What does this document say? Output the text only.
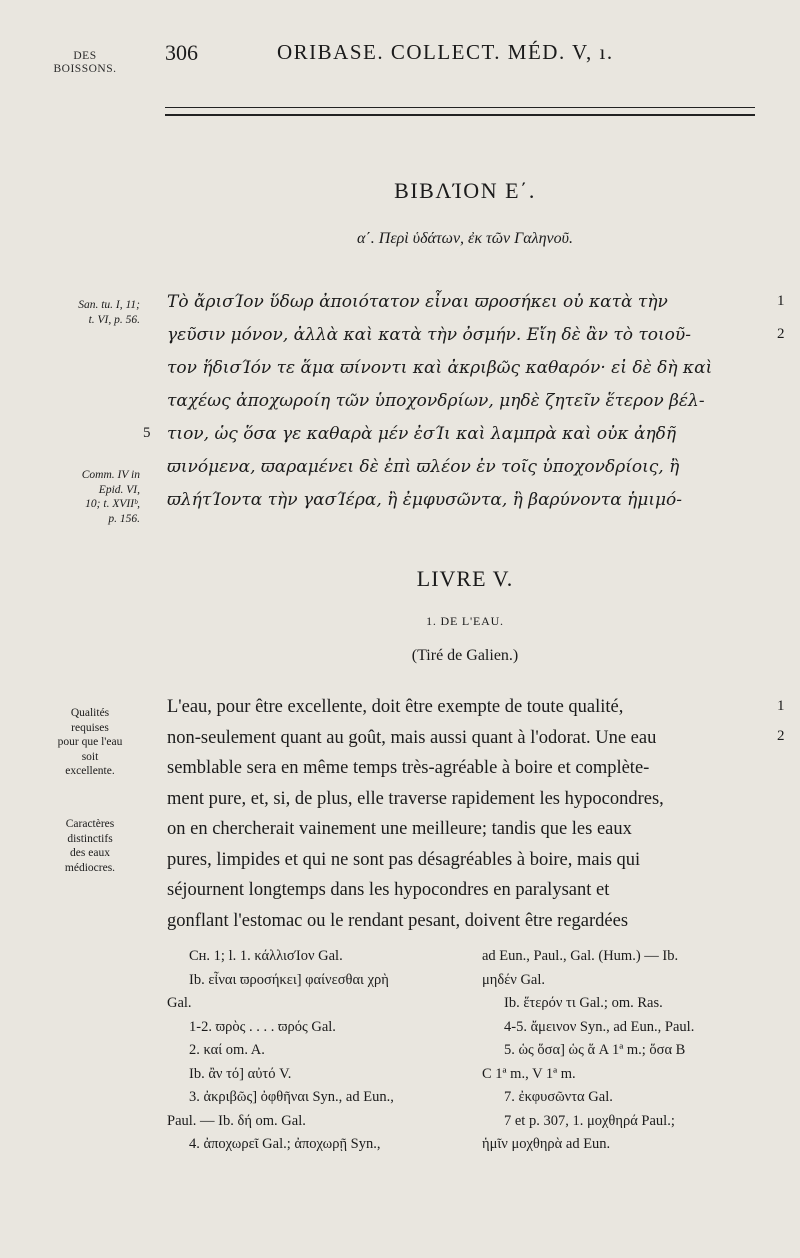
DES
BOISSONS.
306	ORIBASE. COLLECT. MÉD. V, ı.
ΒΙΒΛΊΟΝ Ε΄.
α΄. Περὶ ὑδάτων, ἐκ τῶν Γαληνοῦ.
Τὸ ἄρισΊον ὕδωρ ἀποιότατον εἶναι ϖροσήκει οὐ κατὰ τὴν
γεῦσιν μόνον, ἀλλὰ καὶ κατὰ τὴν ὀσμήν. Εἴη δὲ ἂν τὸ τοιοῦ-
τον ἥδισΊόν τε ἅμα ϖίνοντι καὶ ἀκριβῶς καθαρόν· εἰ δὲ δὴ καὶ
ταχέως ἀποχωροίη τῶν ὑποχονδρίων, μηδὲ ζητεῖν ἕτερον βέλ-
τιον, ὡς ὅσα γε καθαρὰ μέν ἐσΊι καὶ λαμπρὰ καὶ οὐκ ἀηδῆ
ϖινόμενα, ϖαραμένει δὲ ἐπὶ ϖλέον ἐν τοῖς ὑποχονδρίοις, ἢ
ϖλήτΊοντα τὴν γασΊέρα, ἢ ἐμφυσῶντα, ἢ βαρύνοντα ἡμιμό-
1
2
5
San. tu. I, 11;
t. VI, p. 56.
Comm. IV in
Epid. VI,
10; t. XVIIᵇ,
p. 156.
LIVRE V.
1. DE L'EAU.
(Tiré de Galien.)
L'eau, pour être excellente, doit être exempte de toute qualité,
non-seulement quant au goût, mais aussi quant à l'odorat. Une eau
semblable sera en même temps très-agréable à boire et complète-
ment pure, et, si, de plus, elle traverse rapidement les hypocondres,
on en chercherait vainement une meilleure; tandis que les eaux
pures, limpides et qui ne sont pas désagréables à boire, mais qui
séjournent longtemps dans les hypocondres en paralysant et
gonflant l'estomac ou le rendant pesant, doivent être regardées
1
2
Qualités
requises
pour que l'eau
soit
excellente.
Caractères
distinctifs
des eaux
médiocres.
Cʜ. 1; l. 1. κάλλισΊον Gal.
Ib. εἶναι ϖροσήκει] φαίνεσθαι χρὴ
Gal.
1-2. ϖρὸς . . . . ϖρός Gal.
2. καί om. A.
Ib. ἂν τό] αὐτό V.
3. ἀκριβῶς] ὀφθῆναι Syn., ad Eun.,
Paul. — Ib. δή om. Gal.
4. ἀποχωρεῖ Gal.; ἀποχωρῇ Syn.,
ad Eun., Paul., Gal. (Hum.) — Ib.
μηδέν Gal.
Ib. ἕτερόν τι Gal.; om. Ras.
4-5. ἄμεινον Syn., ad Eun., Paul.
5. ὡς ὅσα] ὡς ἅ A 1ª m.; ὅσα B
C 1ª m., V 1ª m.
7. ἐκφυσῶντα Gal.
7 et p. 307, 1. μοχθηρά Paul.;
ἡμῖν μοχθηρὰ ad Eun.
